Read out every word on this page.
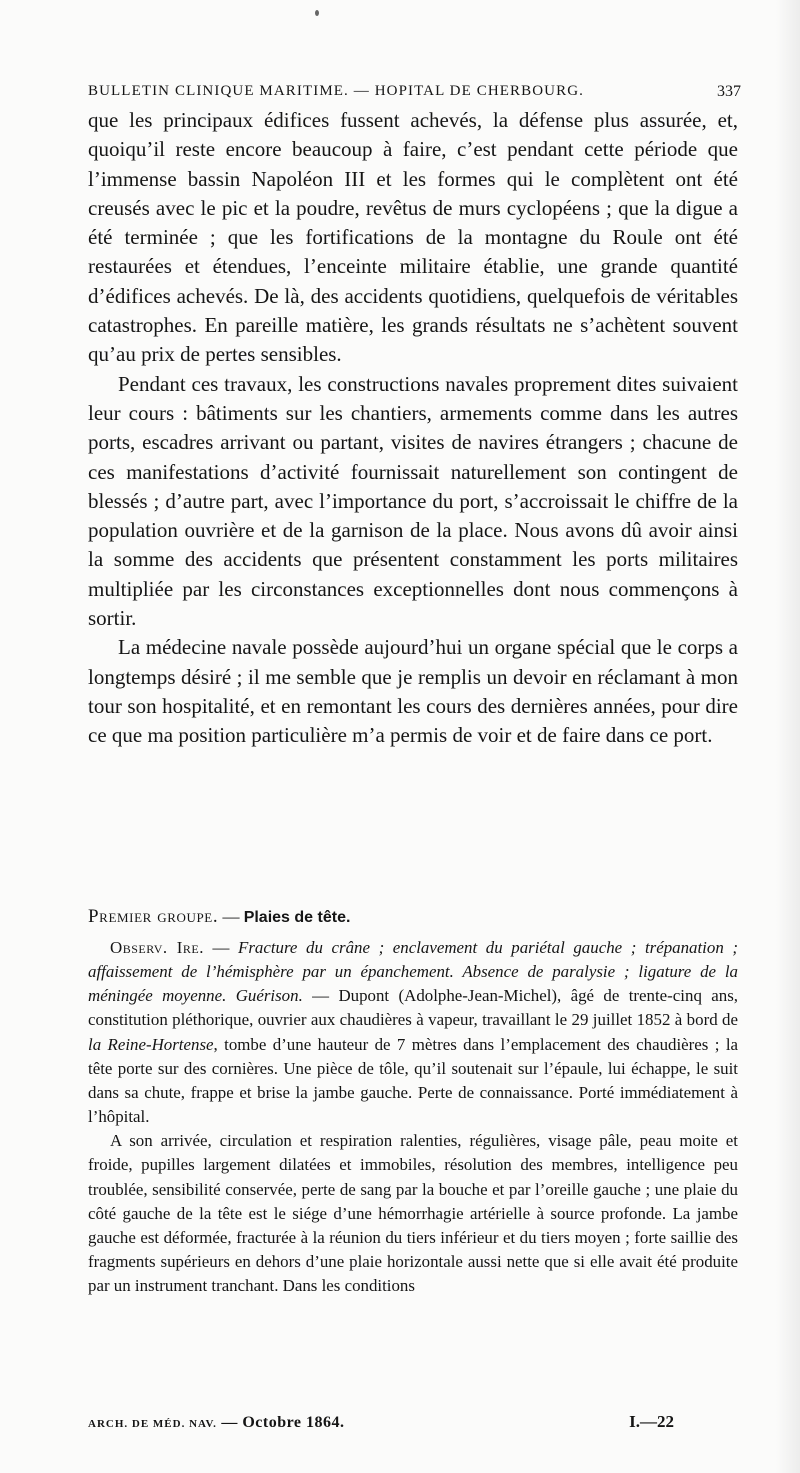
BULLETIN CLINIQUE MARITIME. — HOPITAL DE CHERBOURG.	337

que les principaux édifices fussent achevés, la défense plus assurée, et, quoiqu’il reste encore beaucoup à faire, c’est pendant cette période que l’immense bassin Napoléon III et les formes qui le complètent ont été creusés avec le pic et la poudre, revêtus de murs cyclopéens ; que la digue a été terminée ; que les fortifications de la montagne du Roule ont été restaurées et étendues, l’enceinte militaire établie, une grande quantité d’édifices achevés. De là, des accidents quotidiens, quelquefois de véritables catastrophes. En pareille matière, les grands résultats ne s’achètent souvent qu’au prix de pertes sensibles.

Pendant ces travaux, les constructions navales proprement dites suivaient leur cours : bâtiments sur les chantiers, armements comme dans les autres ports, escadres arrivant ou partant, visites de navires étrangers ; chacune de ces manifestations d’activité fournissait naturellement son contingent de blessés ; d’autre part, avec l’importance du port, s’accroissait le chiffre de la population ouvrière et de la garnison de la place. Nous avons dû avoir ainsi la somme des accidents que présentent constamment les ports militaires multipliée par les circonstances exceptionnelles dont nous commençons à sortir.

La médecine navale possède aujourd’hui un organe spécial que le corps a longtemps désiré ; il me semble que je remplis un devoir en réclamant à mon tour son hospitalité, et en remontant les cours des dernières années, pour dire ce que ma position particulière m’a permis de voir et de faire dans ce port.

Premier groupe. — Plaies de tête.

Observ. Ire. — Fracture du crâne ; enclavement du pariétal gauche ; trépanation ; affaissement de l’hémisphère par un épanchement. Absence de paralysie ; ligature de la méningée moyenne. Guérison. — Dupont (Adolphe-Jean-Michel), âgé de trente-cinq ans, constitution pléthorique, ouvrier aux chaudières à vapeur, travaillant le 29 juillet 1852 à bord de la Reine-Hortense, tombe d’une hauteur de 7 mètres dans l’emplacement des chaudières ; la tête porte sur des cornières. Une pièce de tôle, qu’il soutenait sur l’épaule, lui échappe, le suit dans sa chute, frappe et brise la jambe gauche. Perte de connaissance. Porté immédiatement à l’hôpital.

A son arrivée, circulation et respiration ralenties, régulières, visage pâle, peau moite et froide, pupilles largement dilatées et immobiles, résolution des membres, intelligence peu troublée, sensibilité conservée, perte de sang par la bouche et par l’oreille gauche ; une plaie du côté gauche de la tête est le siége d’une hémorrhagie artérielle à source profonde. La jambe gauche est déformée, fracturée à la réunion du tiers inférieur et du tiers moyen ; forte saillie des fragments supérieurs en dehors d’une plaie horizontale aussi nette que si elle avait été produite par un instrument tranchant. Dans les conditions

ARCH. DE MÉD. NAV. — Octobre 1864.	I.—22
